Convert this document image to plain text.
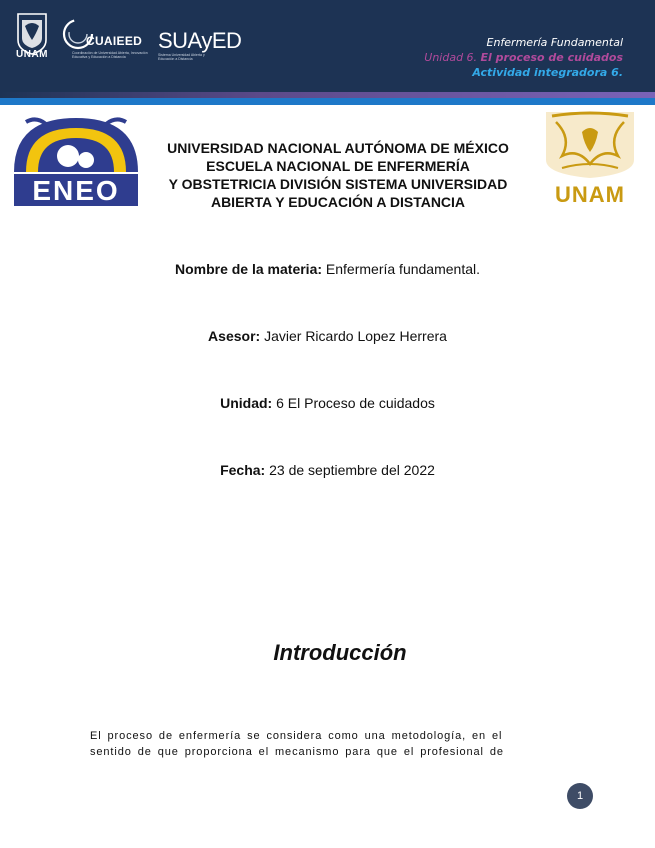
UNAM
CUAIEED
Coordinación de Universidad Abierta, Innovación Educativa y Educación a Distancia
SUAyED
Sistema Universidad Abierta y Educación a Distancia
Enfermería Fundamental
Unidad 6. El proceso de cuidados
Actividad integradora 6.
ENEO	UNAM
UNIVERSIDAD NACIONAL AUTÓNOMA DE MÉXICO
ESCUELA NACIONAL DE ENFERMERÍA
Y OBSTETRICIA DIVISIÓN SISTEMA UNIVERSIDAD
ABIERTA Y EDUCACIÓN A DISTANCIA
Nombre de la materia: Enfermería fundamental.
Asesor: Javier Ricardo Lopez Herrera
Unidad: 6 El Proceso de cuidados
Fecha: 23 de septiembre del 2022
Introducción
El proceso de enfermería se considera como una metodología, en el
sentido de que proporciona el mecanismo para que el profesional de
1
